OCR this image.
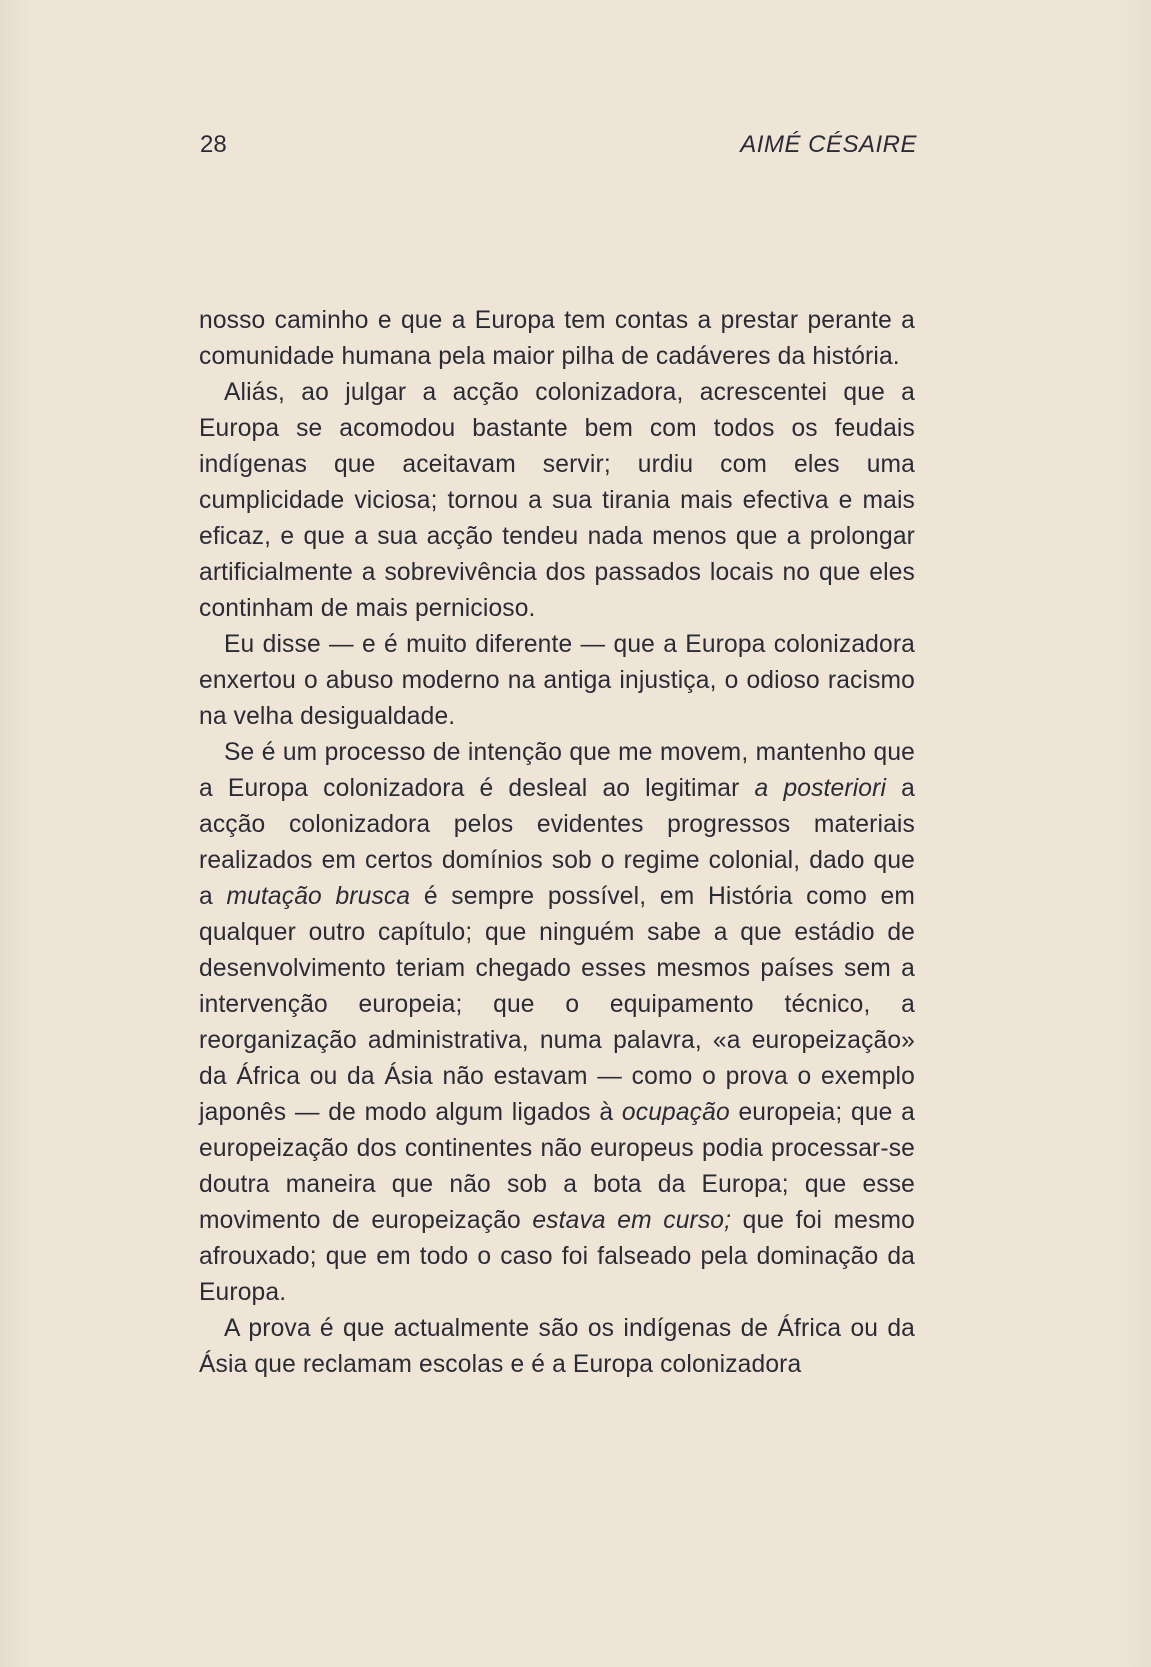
28	AIMÉ CÉSAIRE

nosso caminho e que a Europa tem contas a prestar perante a comunidade humana pela maior pilha de cadáveres da história.

Aliás, ao julgar a acção colonizadora, acrescentei que a Europa se acomodou bastante bem com todos os feudais indígenas que aceitavam servir; urdiu com eles uma cumplicidade viciosa; tornou a sua tirania mais efectiva e mais eficaz, e que a sua acção tendeu nada menos que a prolongar artificialmente a sobrevivência dos passados locais no que eles continham de mais pernicioso.

Eu disse — e é muito diferente — que a Europa colonizadora enxertou o abuso moderno na antiga injustiça, o odioso racismo na velha desigualdade.

Se é um processo de intenção que me movem, mantenho que a Europa colonizadora é desleal ao legitimar a posteriori a acção colonizadora pelos evidentes progressos materiais realizados em certos domínios sob o regime colonial, dado que a mutação brusca é sempre possível, em História como em qualquer outro capítulo; que ninguém sabe a que estádio de desenvolvimento teriam chegado esses mesmos países sem a intervenção europeia; que o equipamento técnico, a reorganização administrativa, numa palavra, «a europeização» da África ou da Ásia não estavam — como o prova o exemplo japonês — de modo algum ligados à ocupação europeia; que a europeização dos continentes não europeus podia processar-se doutra maneira que não sob a bota da Europa; que esse movimento de europeização estava em curso; que foi mesmo afrouxado; que em todo o caso foi falseado pela dominação da Europa.

A prova é que actualmente são os indígenas de África ou da Ásia que reclamam escolas e é a Europa colonizadora
